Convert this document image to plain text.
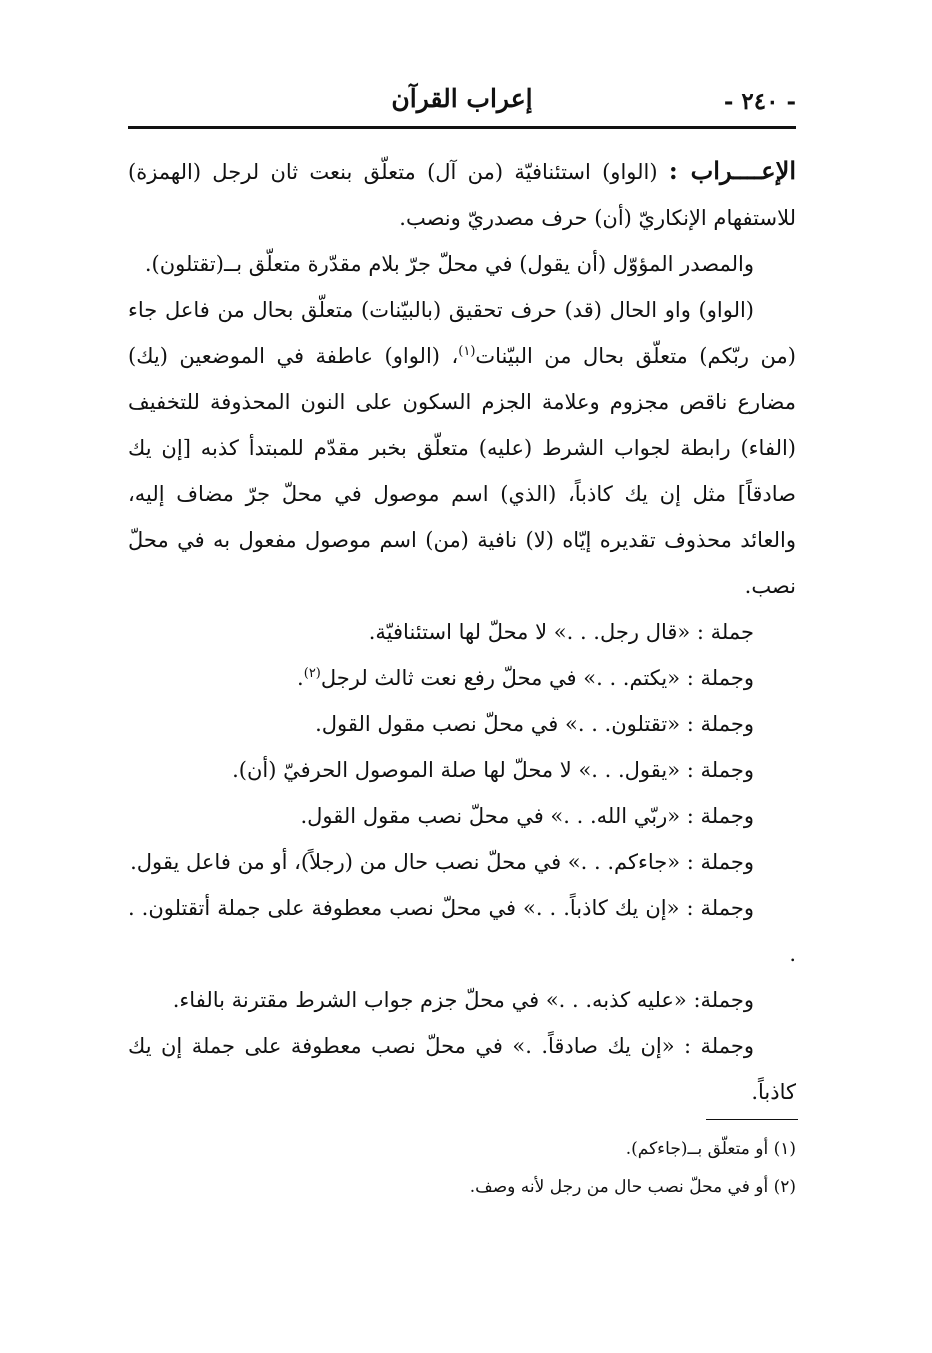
إعراب القرآن	- ٢٤٠ -

الإعــــراب : (الواو) استئنافيّة (من آل) متعلّق بنعت ثان لرجل (الهمزة) للاستفهام الإنكاريّ (أن) حرف مصدريّ ونصب.

والمصدر المؤوّل (أن يقول) في محلّ جرّ بلام مقدّرة متعلّق بــ(تقتلون).

(الواو) واو الحال (قد) حرف تحقيق (بالبيّنات) متعلّق بحال من فاعل جاء (من ربّكم) متعلّق بحال من البيّنات$^{(١)}$، (الواو) عاطفة في الموضعين (يك) مضارع ناقص مجزوم وعلامة الجزم السكون على النون المحذوفة للتخفيف (الفاء) رابطة لجواب الشرط (عليه) متعلّق بخبر مقدّم للمبتدأ كذبه [إن يك صادقاً] مثل إن يك كاذباً، (الذي) اسم موصول في محلّ جرّ مضاف إليه، والعائد محذوف تقديره إيّاه (لا) نافية (من) اسم موصول مفعول به في محلّ نصب.

جملة : «قال رجل. . .» لا محلّ لها استئنافيّة.

وجملة : «يكتم. . .» في محلّ رفع نعت ثالث لرجل$^{(٢)}$.

وجملة : «تقتلون. . .» في محلّ نصب مقول القول.

وجملة : «يقول. . .» لا محلّ لها صلة الموصول الحرفيّ (أن).

وجملة : «ربّي الله. . .» في محلّ نصب مقول القول.

وجملة : «جاءكم. . .» في محلّ نصب حال من (رجلاً)، أو من فاعل يقول.

وجملة : «إن يك كاذباً. . .» في محلّ نصب معطوفة على جملة أتقتلون. . .

وجملة: «عليه كذبه. . .» في محلّ جزم جواب الشرط مقترنة بالفاء.

وجملة : «إن يك صادقاً. .» في محلّ نصب معطوفة على جملة إن يك كاذباً.

(١) أو متعلّق بــ(جاءكم).

(٢) أو في محلّ نصب حال من رجل لأنه وصف.
